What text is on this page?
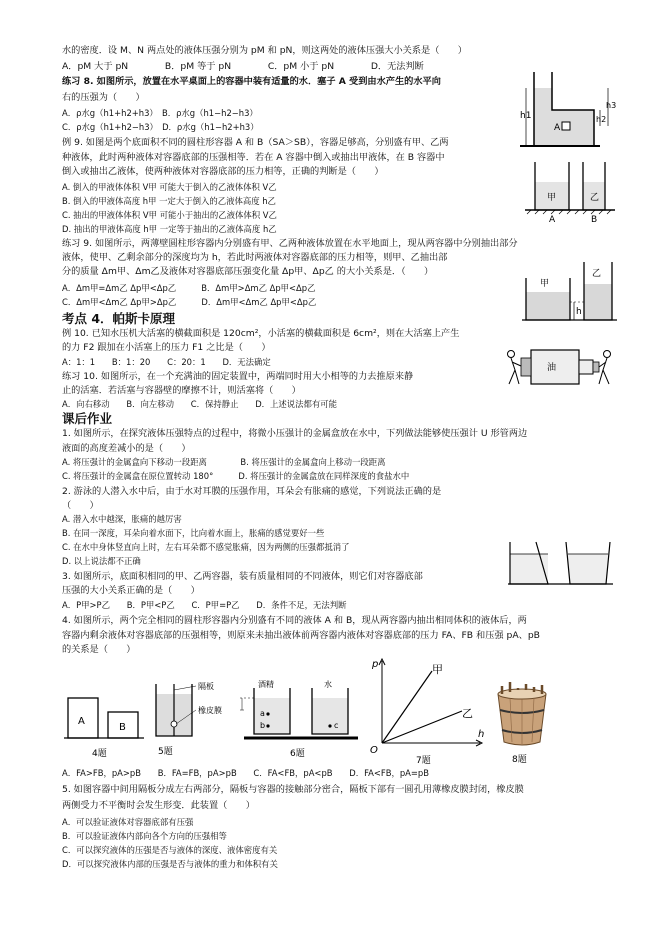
水的密度．设 M、N 两点处的液体压强分别为 pM 和 pN，则这两处的液体压强大小关系是（　　）
A．pM 大于 pN　　　　B．pM 等于 pN　　　　C．pM 小于 pN　　　　D．无法判断
练习 8. 如图所示，放置在水平桌面上的容器中装有适量的水．塞子 A 受到由水产生的水平向
右的压强为（　　）
A．ρ水g（h1+h2+h3）　B．ρ水g（h1−h2−h3）
C．ρ水g（h1+h2−h3）　D．ρ水g（h1−h2+h3）
例 9. 如图是两个底面积不同的圆柱形容器 A 和 B（SA＞SB），容器足够高，分别盛有甲、乙两
种液体，此时两种液体对容器底部的压强相等．若在 A 容器中倒入或抽出甲液体，在 B 容器中
倒入或抽出乙液体，使两种液体对容器底部的压力相等，正确的判断是（　　）
A. 倒入的甲液体体积 V甲 可能大于倒入的乙液体体积 V乙
B. 倒入的甲液体高度 h甲 一定大于倒入的乙液体高度 h乙
C. 抽出的甲液体体积 V甲 可能小于抽出的乙液体体积 V乙
D. 抽出的甲液体高度 h甲 一定等于抽出的乙液体高度 h乙
练习 9. 如图所示，两薄壁圆柱形容器内分别盛有甲、乙两种液体放置在水平地面上，现从两容器中分别抽出部分
液体，使甲、乙剩余部分的深度均为 h，若此时两液体对容器底部的压力相等，则甲、乙抽出部
分的质量 Δm甲、Δm乙及液体对容器底部压强变化量 Δp甲、Δp乙 的大小关系是．（　　）
A．Δm甲=Δm乙 Δp甲<Δp乙　　　B．Δm甲>Δm乙 Δp甲<Δp乙
C．Δm甲<Δm乙 Δp甲>Δp乙　　　D．Δm甲<Δm乙 Δp甲<Δp乙
考点 4．帕斯卡原理
例 10. 已知水压机大活塞的横截面积是 120cm²，小活塞的横截面积是 6cm²，则在大活塞上产生
的力 F2 跟加在小活塞上的压力 F1 之比是（　　）
A：1：1　　B：1：20　　C：20：1　　D．无法确定
练习 10. 如图所示，在一个充满油的固定装置中，两端同时用大小相等的力去推原来静
止的活塞．若活塞与容器壁的摩擦不计，则活塞将（　　）
A．向右移动　　B．向左移动　　C．保持静止　　D．上述说法都有可能
课后作业
1. 如图所示，在探究液体压强特点的过程中，将微小压强计的金属盒放在水中，下列做法能够使压强计 U 形管两边
液面的高度差减小的是（　　）
A. 将压强计的金属盒向下移动一段距离　　　　B. 将压强计的金属盒向上移动一段距离
C. 将压强计的金属盒在原位置转动 180°　　　D. 将压强计的金属盒放在同样深度的食盐水中
2. 游泳的人潜入水中后，由于水对耳膜的压强作用，耳朵会有胀痛的感觉，下列说法正确的是
（　　）
A. 潜入水中越深，胀痛的越厉害
B. 在同一深度，耳朵向着水面下，比向着水面上，胀痛的感觉要好一些
C. 在水中身体竖直向上时，左右耳朵都不感觉胀痛，因为两侧的压强都抵消了
D. 以上说法都不正确
3. 如图所示，底面积相同的甲、乙两容器，装有质量相同的不同液体，则它们对容器底部
压强的大小关系正确的是（　　）
A．P甲>P乙　　B．P甲<P乙　　C．P甲=P乙　　D．条件不足，无法判断
4. 如图所示，两个完全相同的圆柱形容器内分别盛有不同的液体 A 和 B，现从两容器内抽出相同体积的液体后，两
容器内剩余液体对容器底部的压强相等，则原来未抽出液体前两容器内液体对容器底部的压力 FA、FB 和压强 pA、pB
的关系是（　　）
A．FA>FB，pA>pB　　B．FA=FB，pA>pB　　C．FA<FB，pA<pB　　D．FA<FB，pA=pB
5. 如图容器中间用隔板分成左右两部分，隔板与容器的接触部分密合，隔板下部有一圆孔用薄橡皮膜封闭，橡皮膜
两侧受力不平衡时会发生形变．此装置（　　）
A．可以验证液体对容器底部有压强
B．可以验证液体内部向各个方向的压强相等
C．可以探究液体的压强是否与液体的深度、液体密度有关
D．可以探究液体内部的压强是否与液体的重力和体积有关
h1	h2
h3
A
甲	乙
A	B
甲
乙
h
油
A
B
4题
隔板
橡皮膜
5题
酒精	水
a
b	c
6题
p	甲
乙
O
h
7题	8题
